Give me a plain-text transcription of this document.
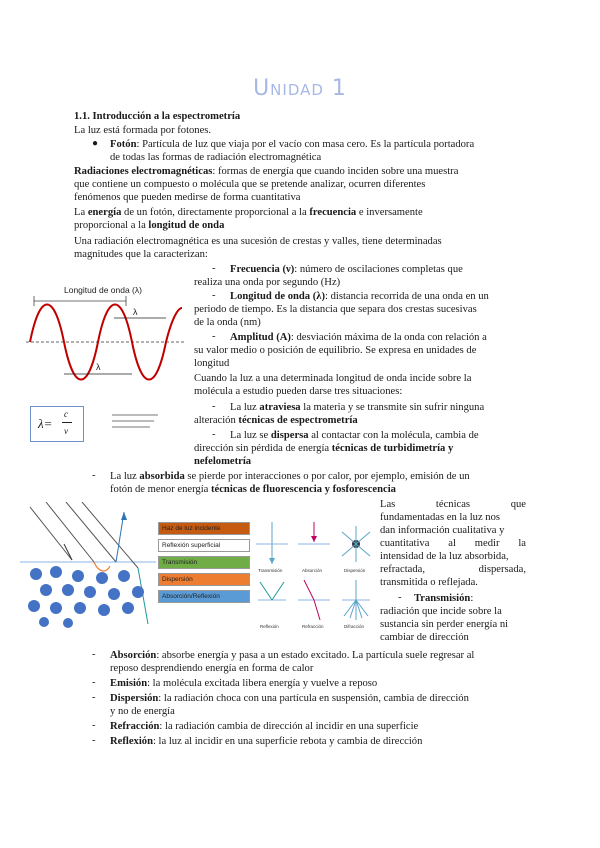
Unidad 1
1.1. Introducción a la espectrometría
La luz está formada por fotones.
● Fotón: Partícula de luz que viaja por el vacío con masa cero. Es la partícula portadora
de todas las formas de radiación electromagnética
Radiaciones electromagnéticas: formas de energía que cuando inciden sobre una muestra
que contiene un compuesto o molécula que se pretende analizar, ocurren diferentes
fenómenos que pueden medirse de forma cuantitativa
La energía de un fotón, directamente proporcional a la frecuencia e inversamente
proporcional a la longitud de onda
Una radiación electromagnética es una sucesión de crestas y valles, tiene determinadas
magnitudes que la caracterizan:
Longitud de onda (λ)
λ
λ
λ=
c
ν
- Frecuencia (ν): número de oscilaciones completas que
realiza una onda por segundo (Hz)
- Longitud de onda (λ): distancia recorrida de una onda en un
periodo de tiempo. Es la distancia que separa dos crestas sucesivas
de la onda (nm)
- Amplitud (A): desviación máxima de la onda con relación a
su valor medio o posición de equilibrio. Se expresa en unidades de
longitud
Cuando la luz a una determinada longitud de onda incide sobre la
molécula a estudio pueden darse tres situaciones:
- La luz atraviesa la materia y se transmite sin sufrir ninguna
alteración técnicas de espectrometría
- La luz se dispersa al contactar con la molécula, cambia de
dirección sin pérdida de energía técnicas de turbidimetría y
nefelometría
- La luz absorbida se pierde por interacciones o por calor, por ejemplo, emisión de un
fotón de menor energía técnicas de fluorescencia y fosforescencia
Haz de luz incidente
Reflexión superficial
Transmisión
Dispersión
Absorción/Reflexión
Transmisión	Absorción	Dispersión
Reflexión	Refracción	Difracción
Las técnicas que
fundamentadas en la luz nos
dan información cualitativa y
cuantitativa al medir la
intensidad de la luz absorbida,
refractada, dispersada,
transmitida o reflejada.
- Transmisión:
radiación que incide sobre la
sustancia sin perder energía ni
cambiar de dirección
- Absorción: absorbe energía y pasa a un estado excitado. La partícula suele regresar al
reposo desprendiendo energía en forma de calor
- Emisión: la molécula excitada libera energía y vuelve a reposo
- Dispersión: la radiación choca con una partícula en suspensión, cambia de dirección
y no de energía
- Refracción: la radiación cambia de dirección al incidir en una superficie
- Reflexión: la luz al incidir en una superficie rebota y cambia de dirección
